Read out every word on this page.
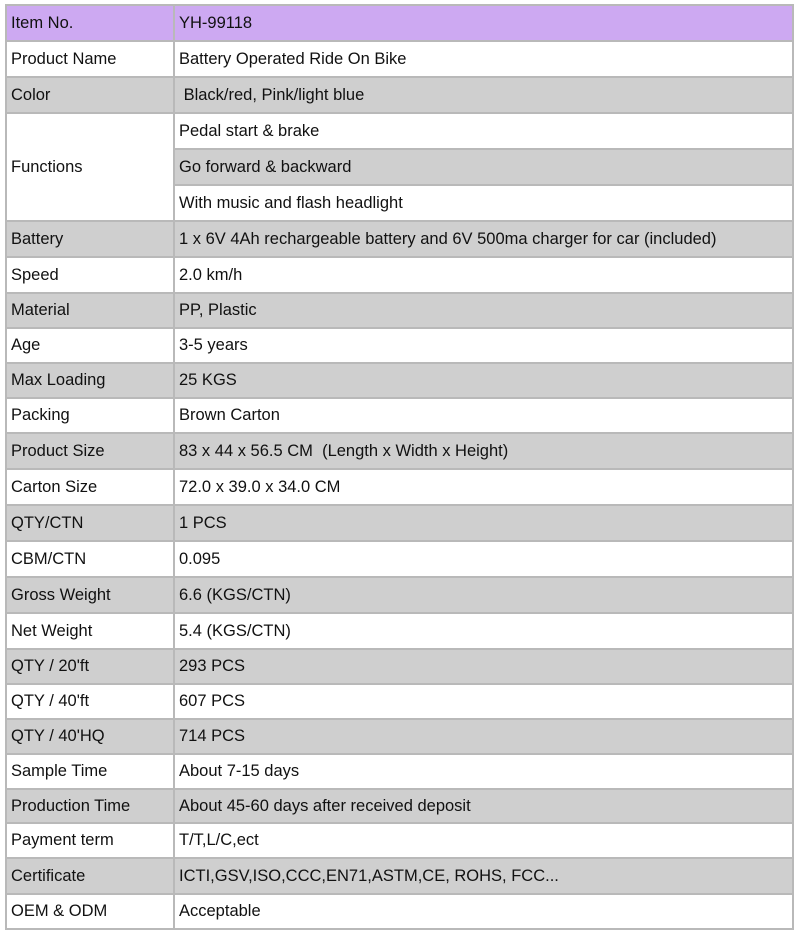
Item No.	YH-99118
Product Name	Battery Operated Ride On Bike
Color	Black/red, Pink/light blue
Functions	Pedal start & brake
	Go forward & backward
	With music and flash headlight
Battery	1 x 6V 4Ah rechargeable battery and 6V 500ma charger for car (included)
Speed	2.0 km/h
Material	PP, Plastic
Age	3-5 years
Max Loading	25 KGS
Packing	Brown Carton
Product Size	83 x 44 x 56.5 CM  (Length x Width x Height)
Carton Size	72.0 x 39.0 x 34.0 CM
QTY/CTN	1 PCS
CBM/CTN	0.095
Gross Weight	6.6 (KGS/CTN)
Net Weight	5.4 (KGS/CTN)
QTY / 20'ft	293 PCS
QTY / 40'ft	607 PCS
QTY / 40'HQ	714 PCS
Sample Time	About 7-15 days
Production Time	About 45-60 days after received deposit
Payment term	T/T,L/C,ect
Certificate	ICTI,GSV,ISO,CCC,EN71,ASTM,CE, ROHS, FCC...
OEM & ODM	Acceptable
